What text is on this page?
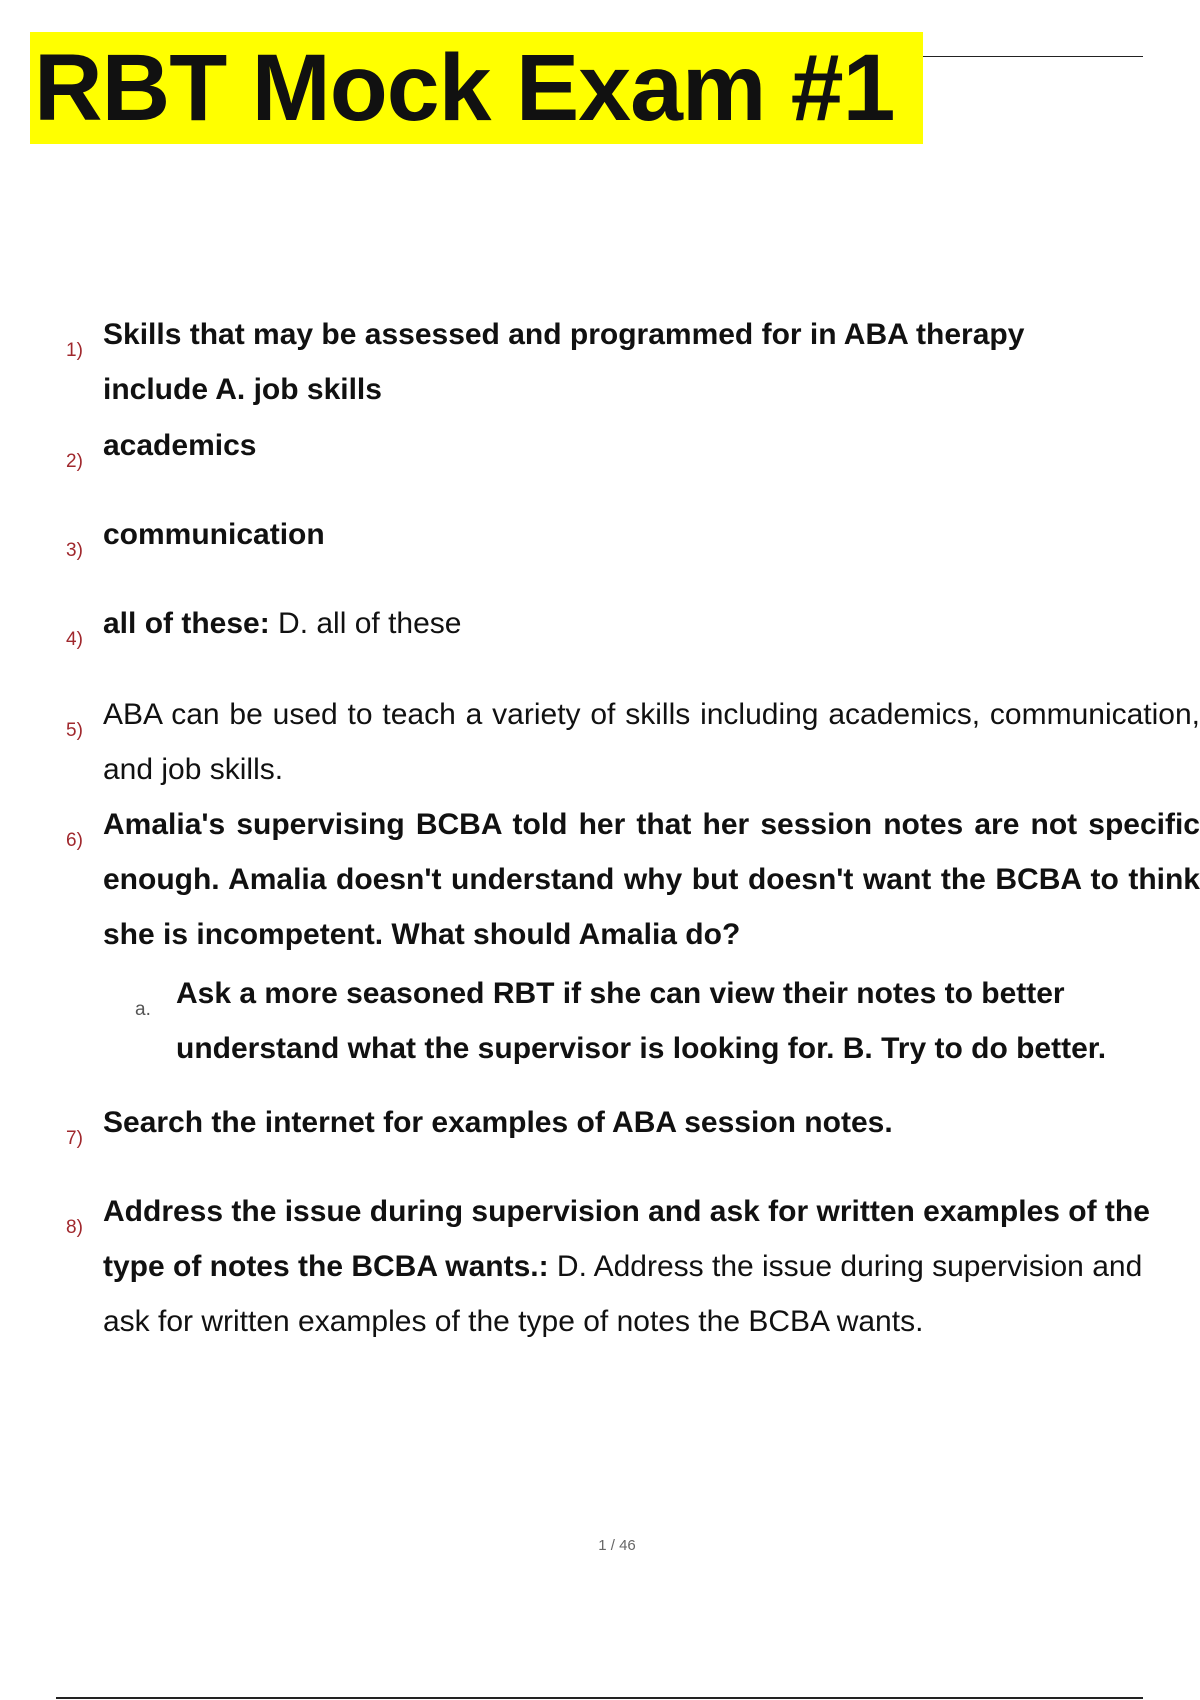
RBT Mock Exam #1
1) Skills that may be assessed and programmed for in ABA therapy include A. job skills
2) academics
3) communication
4) all of these: D. all of these
5) ABA can be used to teach a variety of skills including academics, communication, and job skills.
6) Amalia's supervising BCBA told her that her session notes are not specific enough. Amalia doesn't understand why but doesn't want the BCBA to think she is incompetent. What should Amalia do?
a. Ask a more seasoned RBT if she can view their notes to better understand what the supervisor is looking for. B. Try to do better.
7) Search the internet for examples of ABA session notes.
8) Address the issue during supervision and ask for written examples of the type of notes the BCBA wants.: D. Address the issue during supervision and ask for written examples of the type of notes the BCBA wants.
1 / 46
